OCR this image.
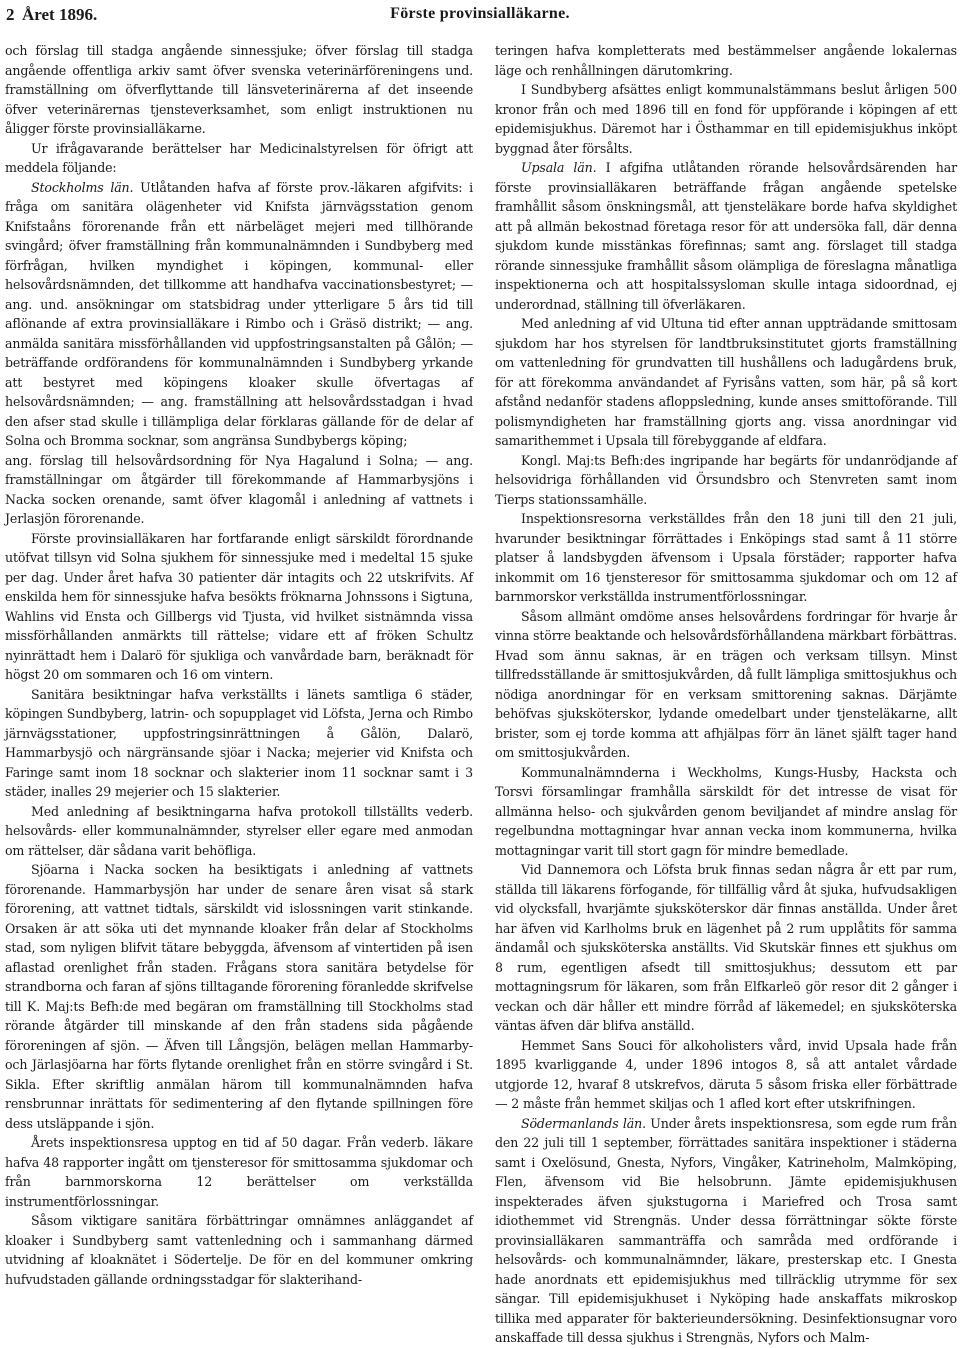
2 Året 1896.	Förste provinsialläkarne.

och förslag till stadga angående sinnessjuke; öfver förslag till stadga angående offentliga arkiv samt öfver svenska veterinärföreningens und. framställning om öfverflyttande till länsveterinärerna af det inseende öfver veterinärernas tjensteverksamhet, som enligt instruktionen nu åligger förste provinsialläkarne.

Ur ifrågavarande berättelser har Medicinalstyrelsen för öfrigt att meddela följande:

Stockholms län. Utlåtanden hafva af förste prov.-läkaren afgifvits: i fråga om sanitära olägenheter vid Knifsta järnvägsstation genom Knifstaåns förorenande från ett närbeläget mejeri med tillhörande svingård; öfver framställning från kommunalnämnden i Sundbyberg med förfrågan, hvilken myndighet i köpingen, kommunal- eller helsovårdsnämnden, det tillkomme att handhafva vaccinationsbestyret; — ang. und. ansökningar om statsbidrag under ytterligare 5 års tid till aflönande af extra provinsialläkare i Rimbo och i Gräsö distrikt; — ang. anmälda sanitära missförhållanden vid uppfostringsanstalten på Gålön; — beträffande ordförandens för kommunalnämnden i Sundbyberg yrkande att bestyret med köpingens kloaker skulle öfvertagas af helsovårdsnämnden; — ang. framställning att helsovårdsstadgan i hvad den afser stad skulle i tillämpliga delar förklaras gällande för de delar af Solna och Bromma socknar, som angränsa Sundbybergs köping;

ang. förslag till helsovårdsordning för Nya Hagalund i Solna; — ang. framställningar om åtgärder till förekommande af Hammarbysjöns i Nacka socken orenande, samt öfver klagomål i anledning af vattnets i Jerlasjön förorenande.

Förste provinsialläkaren har fortfarande enligt särskildt förordnande utöfvat tillsyn vid Solna sjukhem för sinnessjuke med i medeltal 15 sjuke per dag. Under året hafva 30 patienter där intagits och 22 utskrifvits. Af enskilda hem för sinnessjuke hafva besökts fröknarna Johnssons i Sigtuna, Wahlins vid Ensta och Gillbergs vid Tjusta, vid hvilket sistnämnda vissa missförhållanden anmärkts till rättelse; vidare ett af fröken Schultz nyinrättadt hem i Dalarö för sjukliga och vanvårdade barn, beräknadt för högst 20 om sommaren och 16 om vintern.

Sanitära besiktningar hafva verkställts i länets samtliga 6 städer, köpingen Sundbyberg, latrin- och sopupplaget vid Löfsta, Jerna och Rimbo järnvägsstationer, uppfostringsinrättningen å Gålön, Dalarö, Hammarbysjö och närgränsande sjöar i Nacka; mejerier vid Knifsta och Faringe samt inom 18 socknar och slakterier inom 11 socknar samt i 3 städer, inalles 29 mejerier och 15 slakterier.

Med anledning af besiktningarna hafva protokoll tillställts vederb. helsovårds- eller kommunalnämnder, styrelser eller egare med anmodan om rättelser, där sådana varit behöfliga.

Sjöarna i Nacka socken ha besiktigats i anledning af vattnets förorenande. Hammarbysjön har under de senare åren visat så stark förorening, att vattnet tidtals, särskildt vid islossningen varit stinkande. Orsaken är att söka uti det mynnande kloaker från delar af Stockholms stad, som nyligen blifvit tätare bebyggda, äfvensom af vintertiden på isen aflastad orenlighet från staden. Frågans stora sanitära betydelse för strandborna och faran af sjöns tilltagande förorening föranledde skrifvelse till K. Maj:ts Befh:de med begäran om framställning till Stockholms stad rörande åtgärder till minskande af den från stadens sida pågående föroreningen af sjön. — Äfven till Långsjön, belägen mellan Hammarby- och Järlasjöarna har förts flytande orenlighet från en större svingård i St. Sikla. Efter skriftlig anmälan härom till kommunalnämnden hafva rensbrunnar inrättats för sedimentering af den flytande spillningen före dess utsläppande i sjön.

Årets inspektionsresa upptog en tid af 50 dagar. Från vederb. läkare hafva 48 rapporter ingått om tjensteresor för smittosamma sjukdomar och från barnmorskorna 12 berättelser om verkställda instrumentförlossningar.

Såsom viktigare sanitära förbättringar omnämnes anläggandet af kloaker i Sundbyberg samt vattenledning och i sammanhang därmed utvidning af kloaknätet i Södertelje. De för en del kommuner omkring hufvudstaden gällande ordningsstadgar för slakterihand-

teringen hafva kompletterats med bestämmelser angående lokalernas läge och renhållningen därutomkring.

I Sundbyberg afsättes enligt kommunalstämmans beslut årligen 500 kronor från och med 1896 till en fond för uppförande i köpingen af ett epidemisjukhus. Däremot har i Östhammar en till epidemisjukhus inköpt byggnad åter försålts.

Upsala län. I afgifna utlåtanden rörande helsovårdsärenden har förste provinsialläkaren beträffande frågan angående spetelske framhållit såsom önskningsmål, att tjensteläkare borde hafva skyldighet att på allmän bekostnad företaga resor för att undersöka fall, där denna sjukdom kunde misstänkas förefinnas; samt ang. förslaget till stadga rörande sinnessjuke framhållit såsom olämpliga de föreslagna månatliga inspektionerna och att hospitalssysloman skulle intaga sidoordnad, ej underordnad, ställning till öfverläkaren.

Med anledning af vid Ultuna tid efter annan uppträdande smittosam sjukdom har hos styrelsen för landtbruksinstitutet gjorts framställning om vattenledning för grundvatten till hushållens och ladugårdens bruk, för att förekomma användandet af Fyrisåns vatten, som här, på så kort afstånd nedanför stadens afloppsledning, kunde anses smittoförande. Till polismyndigheten har framställning gjorts ang. vissa anordningar vid samarithemmet i Upsala till förebyggande af eldfara.

Kongl. Maj:ts Befh:des ingripande har begärts för undanrödjande af helsovidriga förhållanden vid Örsundsbro och Stenvreten samt inom Tierps stationssamhälle.

Inspektionsresorna verkställdes från den 18 juni till den 21 juli, hvarunder besiktningar förrättades i Enköpings stad samt å 11 större platser å landsbygden äfvensom i Upsala förstäder; rapporter hafva inkommit om 16 tjensteresor för smittosamma sjukdomar och om 12 af barnmorskor verkställda instrumentförlossningar.

Såsom allmänt omdöme anses helsovårdens fordringar för hvarje år vinna större beaktande och helsovårdsförhållandena märkbart förbättras. Hvad som ännu saknas, är en trägen och verksam tillsyn. Minst tillfredsställande är smittosjukvården, då fullt lämpliga smittosjukhus och nödiga anordningar för en verksam smittorening saknas. Därjämte behöfvas sjuksköterskor, lydande omedelbart under tjensteläkarne, allt brister, som ej torde komma att afhjälpas förr än länet själft tager hand om smittosjukvården.

Kommunalnämnderna i Weckholms, Kungs-Husby, Hacksta och Torsvi församlingar framhålla särskildt för det intresse de visat för allmänna helso- och sjukvården genom beviljandet af mindre anslag för regelbundna mottagningar hvar annan vecka inom kommunerna, hvilka mottagningar varit till stort gagn för mindre bemedlade.

Vid Dannemora och Löfsta bruk finnas sedan några år ett par rum, ställda till läkarens förfogande, för tillfällig vård åt sjuka, hufvudsakligen vid olycksfall, hvarjämte sjuksköterskor där finnas anställda. Under året har äfven vid Karlholms bruk en lägenhet på 2 rum upplåtits för samma ändamål och sjuksköterska anställts. Vid Skutskär finnes ett sjukhus om 8 rum, egentligen afsedt till smittosjukhus; dessutom ett par mottagningsrum för läkaren, som från Elfkarleö gör resor dit 2 gånger i veckan och där håller ett mindre förråd af läkemedel; en sjuksköterska väntas äfven där blifva anställd.

Hemmet Sans Souci för alkoholisters vård, invid Upsala hade från 1895 kvarliggande 4, under 1896 intogos 8, så att antalet vårdade utgjorde 12, hvaraf 8 utskrefvos, däruta 5 såsom friska eller förbättrade — 2 måste från hemmet skiljas och 1 afled kort efter utskrifningen.

Södermanlands län. Under årets inspektionsresa, som egde rum från den 22 juli till 1 september, förrättades sanitära inspektioner i städerna samt i Oxelösund, Gnesta, Nyfors, Vingåker, Katrineholm, Malmköping, Flen, äfvensom vid Bie helsobrunn. Jämte epidemisjukhusen inspekterades äfven sjukstugorna i Mariefred och Trosa samt idiothemmet vid Strengnäs. Under dessa förrättningar sökte förste provinsialläkaren sammanträffa och samråda med ordförande i helsovårds- och kommunalnämnder, läkare, presterskap etc. I Gnesta hade anordnats ett epidemisjukhus med tillräcklig utrymme för sex sängar. Till epidemisjukhuset i Nyköping hade anskaffats mikroskop tillika med apparater för bakterieundersökning. Desinfektionsugnar voro anskaffade till dessa sjukhus i Strengnäs, Nyfors och Malm-
